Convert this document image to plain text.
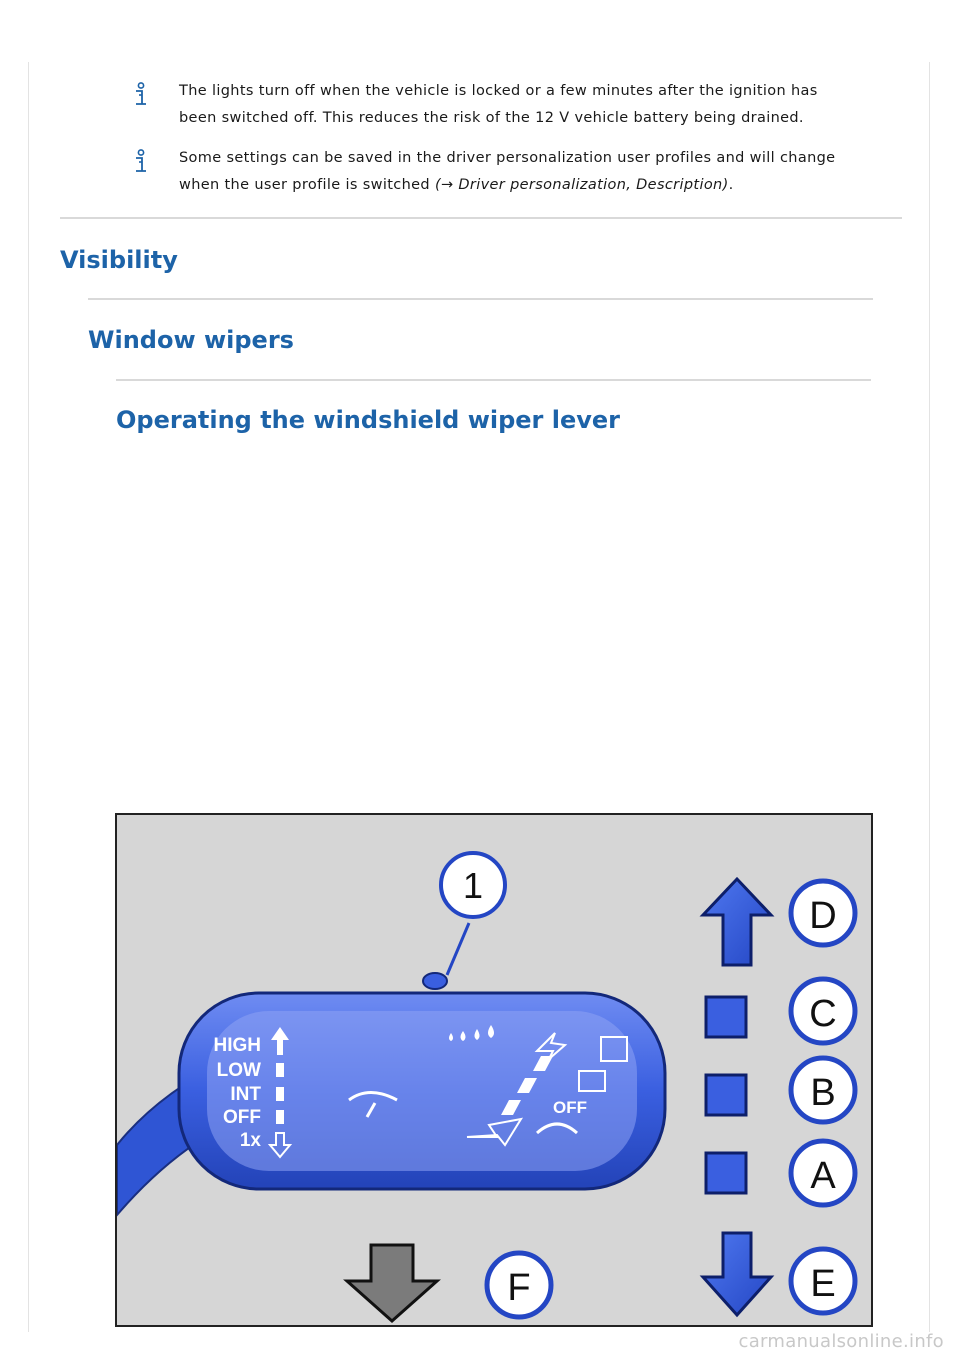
The lights turn off when the vehicle is locked or a few minutes after the ignition has
been switched off. This reduces the risk of the 12 V vehicle battery being drained.
Some settings can be saved in the driver personalization user profiles and will change
when the user profile is switched (→ Driver personalization, Description).
Visibility
Window wipers
Operating the windshield wiper lever
HIGH
LOW
INT
OFF
1x
OFF
1
D
C
B
A
E
F
carmanualsonline.info
